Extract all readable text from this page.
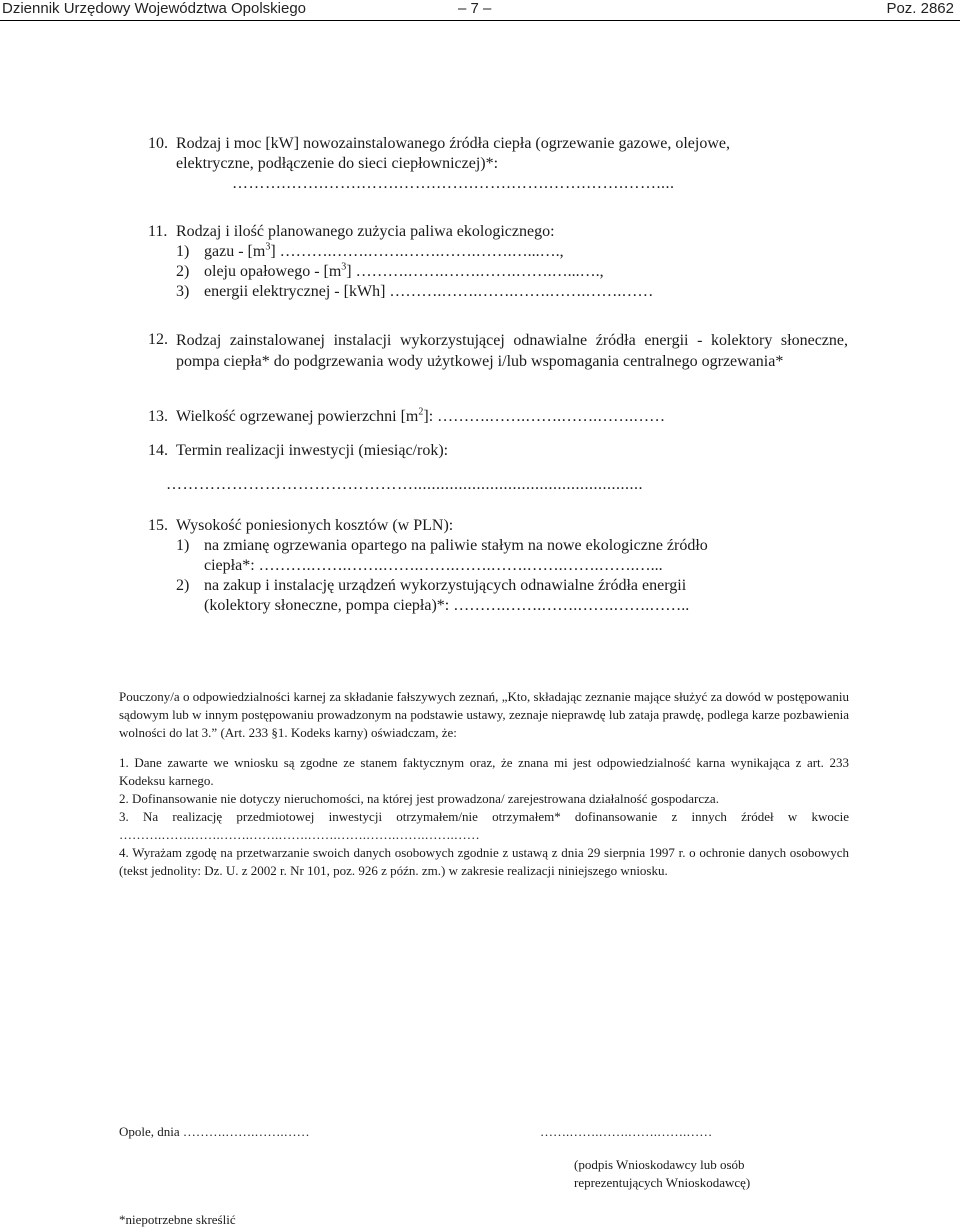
Dziennik Urzędowy Województwa Opolskiego	– 7 –	Poz. 2862
10. Rodzaj i moc [kW] nowozainstalowanego źródła ciepła (ogrzewanie gazowe, olejowe,
elektryczne, podłączenie do sieci ciepłowniczej)*:
……….…….…….…….…….…….…….…….…….…….……....
11. Rodzaj i ilość planowanego zużycia paliwa ekologicznego:
1) gazu - $[m^3]$ ……….…….…….…….…….…….…...….,
2) oleju opałowego - $[m^3]$ ……….…….…….…….…….…...….,
3) energii elektrycznej - [kWh] ……….…….…….…….…….…….……
12. Rodzaj zainstalowanej instalacji wykorzystującej odnawialne źródła energii - kolektory słoneczne, pompa ciepła* do podgrzewania wody użytkowej i/lub wspomagania centralnego ogrzewania*
13. Wielkość ogrzewanej powierzchni $[m^2]$: ……….…….…….…….…….……
14. Termin realizacji inwestycji (miesiąc/rok):
………………………………………...................................................
15. Wysokość poniesionych kosztów (w PLN):
1) na zmianę ogrzewania opartego na paliwie stałym na nowe ekologiczne źródło
ciepła*: ……….…….…….…….…….…….…….…….…….…….…...
2) na zakup i instalację urządzeń wykorzystujących odnawialne źródła energii
(kolektory słoneczne, pompa ciepła)*: ……….…….…….…….…….……..

Pouczony/a o odpowiedzialności karnej za składanie fałszywych zeznań, „Kto, składając zeznanie mające służyć za dowód w postępowaniu sądowym lub w innym postępowaniu prowadzonym na podstawie ustawy, zeznaje nieprawdę lub zataja prawdę, podlega karze pozbawienia wolności do lat 3.” (Art. 233 §1. Kodeks karny) oświadczam, że:

1. Dane zawarte we wniosku są zgodne ze stanem faktycznym oraz, że znana mi jest odpowiedzialność karna wynikająca z art. 233 Kodeksu karnego.

2. Dofinansowanie nie dotyczy nieruchomości, na której jest prowadzona/ zarejestrowana działalność gospodarcza.

3. Na realizację przedmiotowej inwestycji otrzymałem/nie otrzymałem* dofinansowanie z innych źródeł w kwocie ……….…….…….…….…….…….…….…….…….…….…….……

4. Wyrażam zgodę na przetwarzanie swoich danych osobowych zgodnie z ustawą z dnia 29 sierpnia 1997 r. o ochronie danych osobowych (tekst jednolity: Dz. U. z 2002 r. Nr 101, poz. 926 z późn. zm.) w zakresie realizacji niniejszego wniosku.

Opole, dnia ……….…….…….……	…….…….…….…….…….……
(podpis Wnioskodawcy lub osób
reprezentujących Wnioskodawcę)
*niepotrzebne skreślić
